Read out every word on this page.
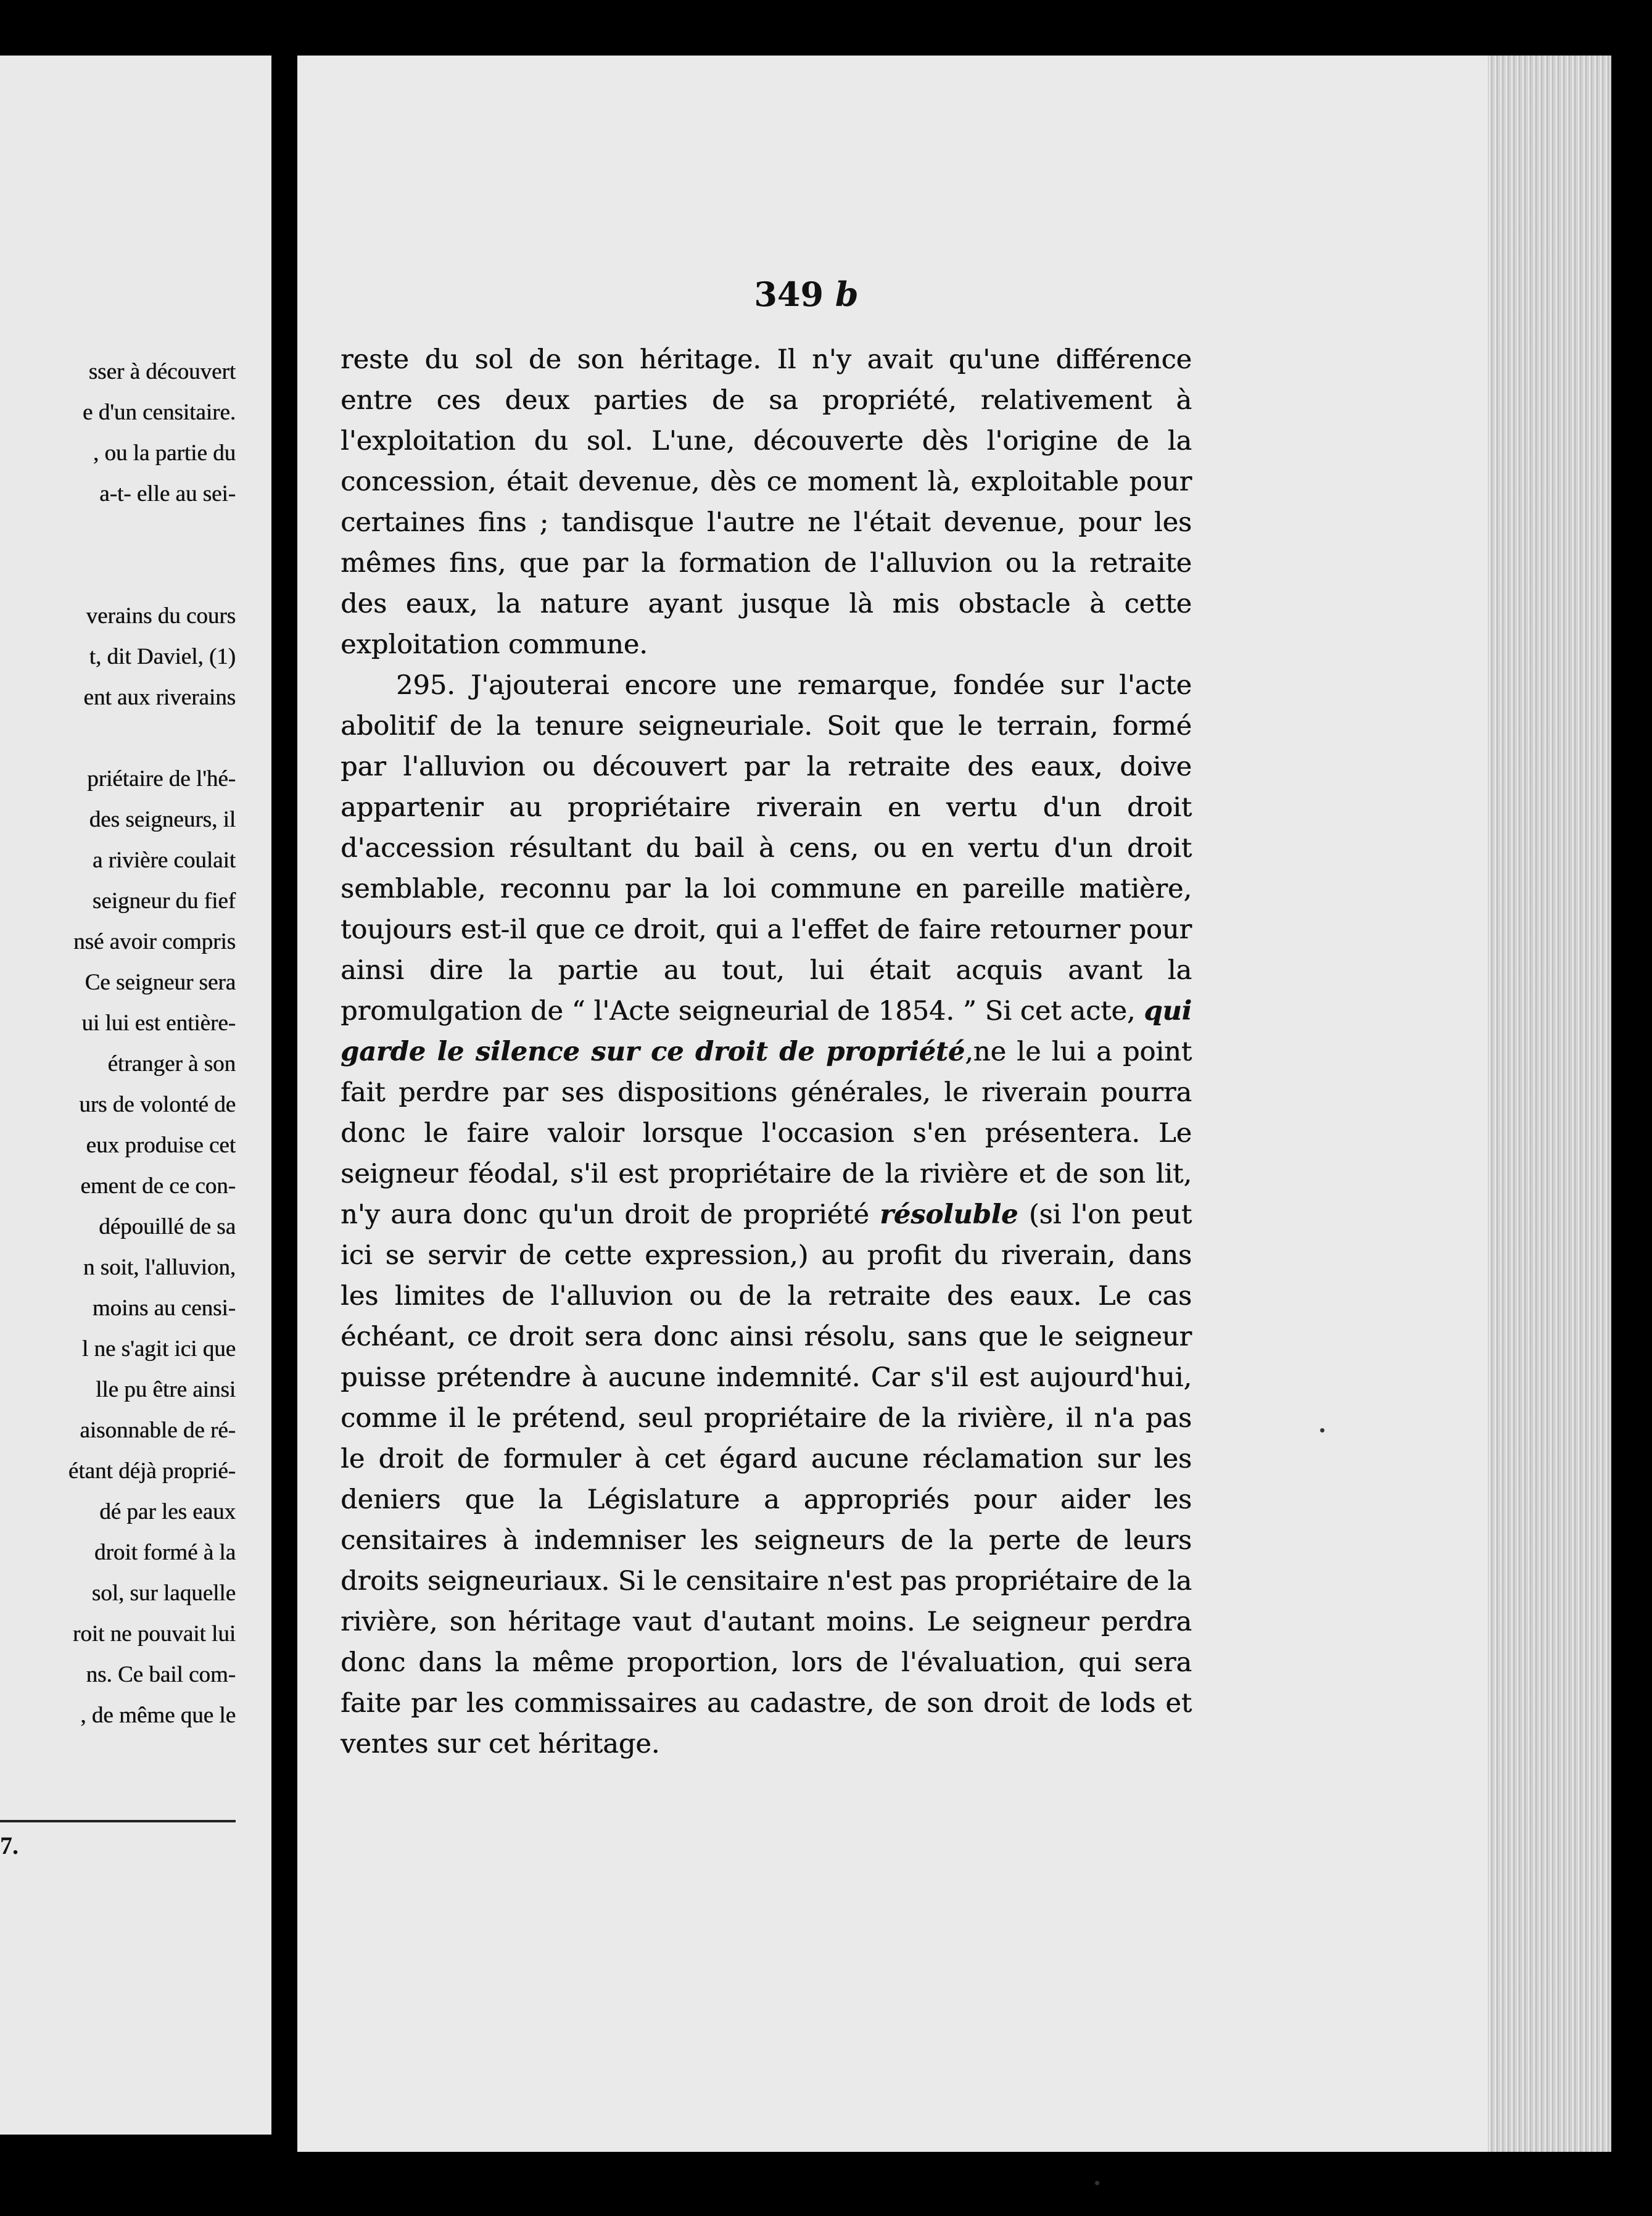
sser à découvert
e d'un censitaire.
, ou la partie du
a-t- elle au sei-

verains du cours
t, dit Daviel, (1)
ent aux riverains

priétaire de l'hé-
des seigneurs, il
a rivière coulait
seigneur du fief
nsé avoir compris
Ce seigneur sera
ui lui est entière-
étranger à son
urs de volonté de
eux produise cet
ement de ce con-
dépouillé de sa
n soit, l'alluvion,
moins au censi-
l ne s'agit ici que
lle pu être ainsi
aisonnable de ré-
étant déjà proprié-
dé par les eaux
droit formé à la
sol, sur laquelle
roit ne pouvait lui
ns. Ce bail com-
, de même que le
7.
349 b

reste du sol de son héritage. Il n'y avait qu'une différence entre ces deux parties de sa propriété, relativement à l'exploitation du sol. L'une, découverte dès l'origine de la concession, était devenue, dès ce moment là, exploitable pour certaines fins ; tandisque l'autre ne l'était devenue, pour les mêmes fins, que par la formation de l'alluvion ou la retraite des eaux, la nature ayant jusque là mis obstacle à cette exploitation commune.

295. J'ajouterai encore une remarque, fondée sur l'acte abolitif de la tenure seigneuriale. Soit que le terrain, formé par l'alluvion ou découvert par la retraite des eaux, doive appartenir au propriétaire riverain en vertu d'un droit d'accession résultant du bail à cens, ou en vertu d'un droit semblable, reconnu par la loi commune en pareille matière, toujours est-il que ce droit, qui a l'effet de faire retourner pour ainsi dire la partie au tout, lui était acquis avant la promulgation de “ l'Acte seigneurial de 1854. ” Si cet acte, qui garde le silence sur ce droit de propriété,ne le lui a point fait perdre par ses dispositions générales, le riverain pourra donc le faire valoir lorsque l'occasion s'en présentera. Le seigneur féodal, s'il est propriétaire de la rivière et de son lit, n'y aura donc qu'un droit de propriété résoluble (si l'on peut ici se servir de cette expression,) au profit du riverain, dans les limites de l'alluvion ou de la retraite des eaux. Le cas échéant, ce droit sera donc ainsi résolu, sans que le seigneur puisse prétendre à aucune indemnité. Car s'il est aujourd'hui, comme il le prétend, seul propriétaire de la rivière, il n'a pas le droit de formuler à cet égard aucune réclamation sur les deniers que la Législature a appropriés pour aider les censitaires à indemniser les seigneurs de la perte de leurs droits seigneuriaux. Si le censitaire n'est pas propriétaire de la rivière, son héritage vaut d'autant moins. Le seigneur perdra donc dans la même proportion, lors de l'évaluation, qui sera faite par les commissaires au cadastre, de son droit de lods et ventes sur cet héritage.
